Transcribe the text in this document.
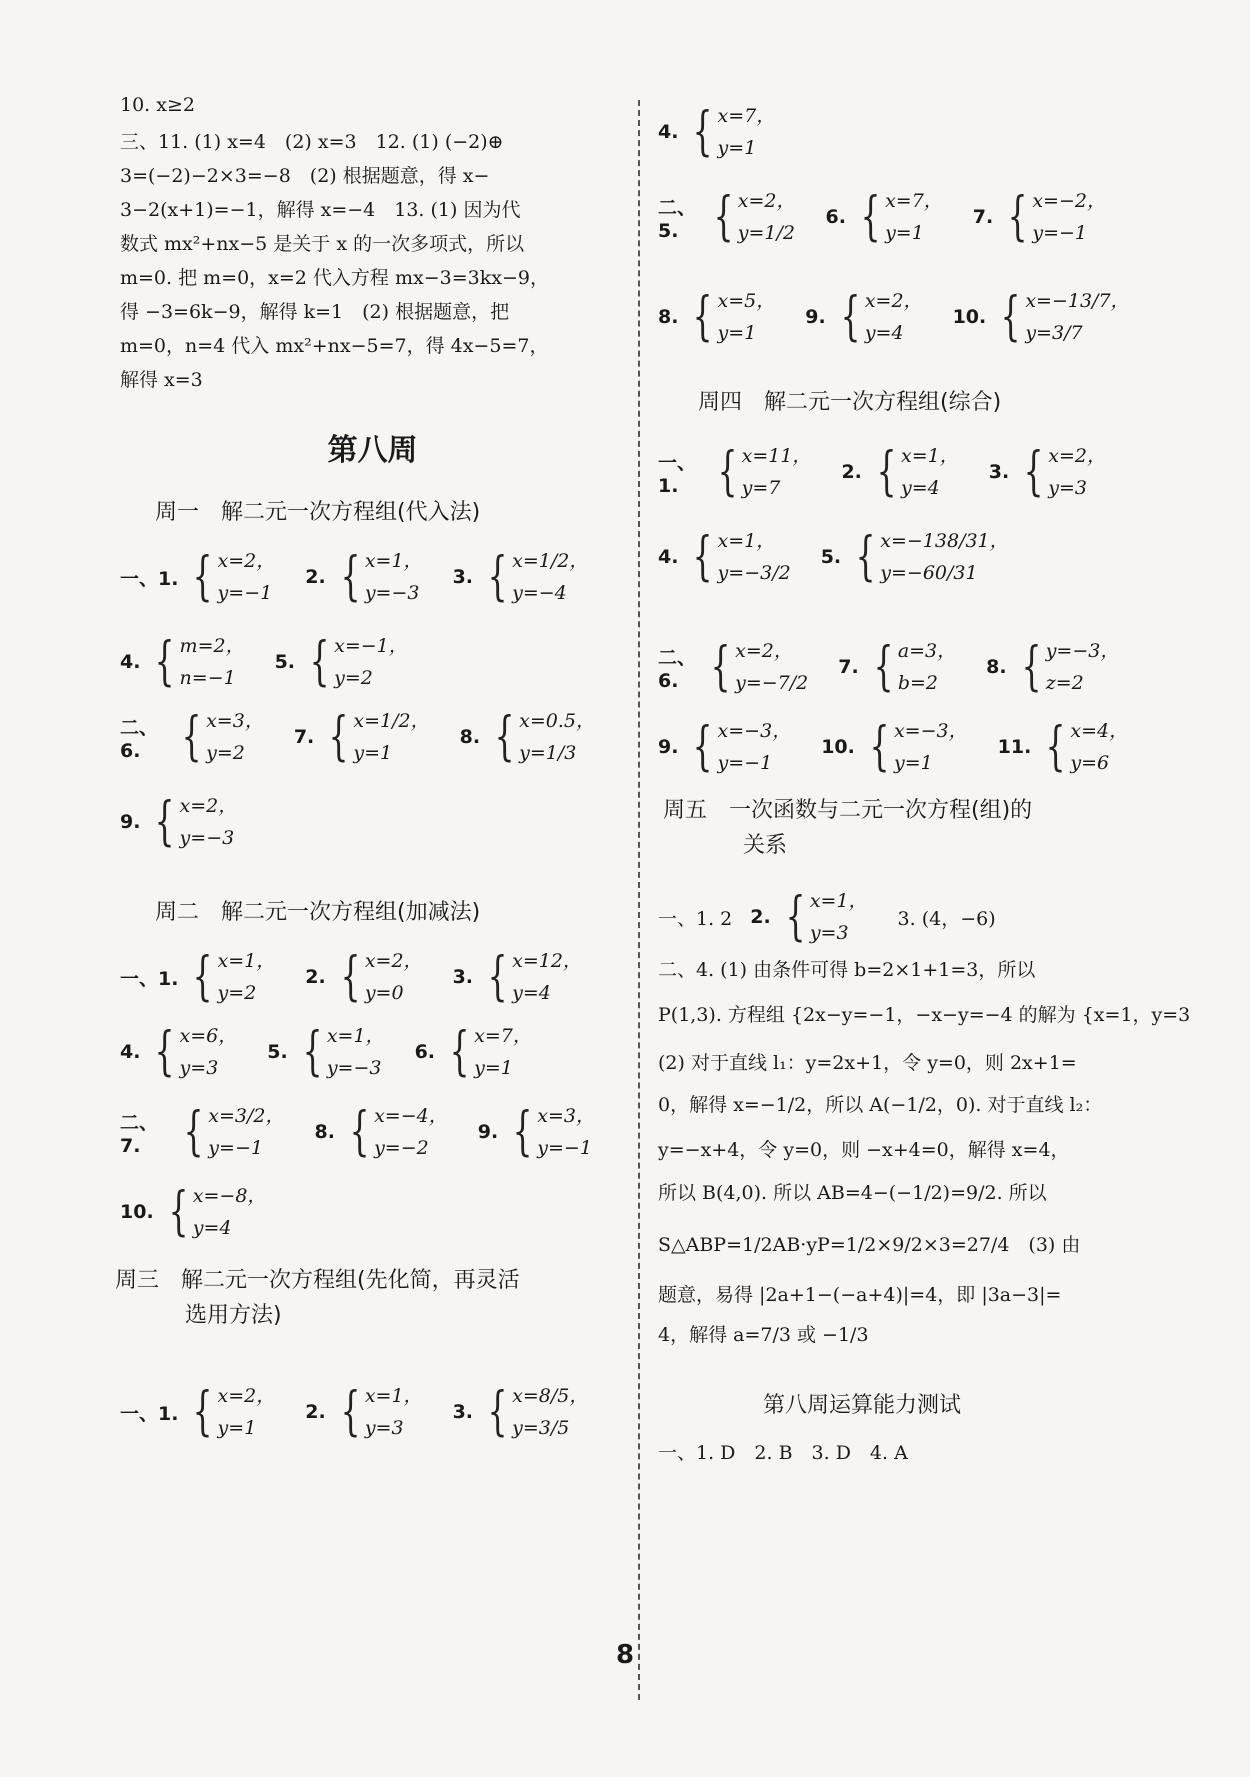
10. x≥2
三、11. (1) x=4　(2) x=3　12. (1) (−2)⊕
3=(−2)−2×3=−8　(2) 根据题意，得 x−
3−2(x+1)=−1，解得 x=−4　13. (1) 因为代
数式 mx²+nx−5 是关于 x 的一次多项式，所以
m=0. 把 m=0，x=2 代入方程 mx−3=3kx−9，
得 −3=6k−9，解得 k=1　(2) 根据题意，把
m=0，n=4 代入 mx²+nx−5=7，得 4x−5=7，
解得 x=3
第八周
周一　解二元一次方程组(代入法)
一、1. { x=2，
y=−1
2. { x=1，
y=−3
3. { x=1/2，
y=−4
4. { m=2，
n=−1
5. { x=−1，
y=2
二、6. { x=3，
y=2
7. { x=1/2，
y=1
8. { x=0.5，
y=1/3
9. { x=2，
y=−3
周二　解二元一次方程组(加减法)
一、1. { x=1，
y=2
2. { x=2，
y=0
3. { x=12，
y=4
4. { x=6，
y=3
5. { x=1，
y=−3
6. { x=7，
y=1
二、7. { x=3/2，
y=−1
8. { x=−4，
y=−2
9. { x=3，
y=−1
10. { x=−8，
y=4
周三　解二元一次方程组(先化简，再灵活
选用方法)
一、1. { x=2，
y=1
2. { x=1，
y=3
3. { x=8/5，
y=3/5
4. { x=7，
y=1
二、5. { x=2，
y=1/2
6. { x=7，
y=1
7. { x=−2，
y=−1
8. { x=5，
y=1
9. { x=2，
y=4
10. { x=−13/7，
y=3/7
周四　解二元一次方程组(综合)
一、1. { x=11，
y=7
2. { x=1，
y=4
3. { x=2，
y=3
4. { x=1，
y=−3/2
5. { x=−138/31，
y=−60/31
二、6. { x=2，
y=−7/2
7. { a=3，
b=2
8. { y=−3，
z=2
9. { x=−3，
y=−1
10. { x=−3，
y=1
11. { x=4，
y=6
周五　一次函数与二元一次方程(组)的
关系
一、1. 2 2. { x=1，
y=3
3. (4，−6)
二、4. (1) 由条件可得 b=2×1+1=3，所以
P(1,3). 方程组 {2x−y=−1，−x−y=−4 的解为 {x=1，y=3
(2) 对于直线 l₁：y=2x+1，令 y=0，则 2x+1=
0，解得 x=−1/2，所以 A(−1/2，0). 对于直线 l₂：
y=−x+4，令 y=0，则 −x+4=0，解得 x=4，
所以 B(4,0). 所以 AB=4−(−1/2)=9/2. 所以
S△ABP=1/2AB·yP=1/2×9/2×3=27/4　(3) 由
题意，易得 |2a+1−(−a+4)|=4，即 |3a−3|=
4，解得 a=7/3 或 −1/3
第八周运算能力测试
一、1. D　2. B　3. D　4. A
8
